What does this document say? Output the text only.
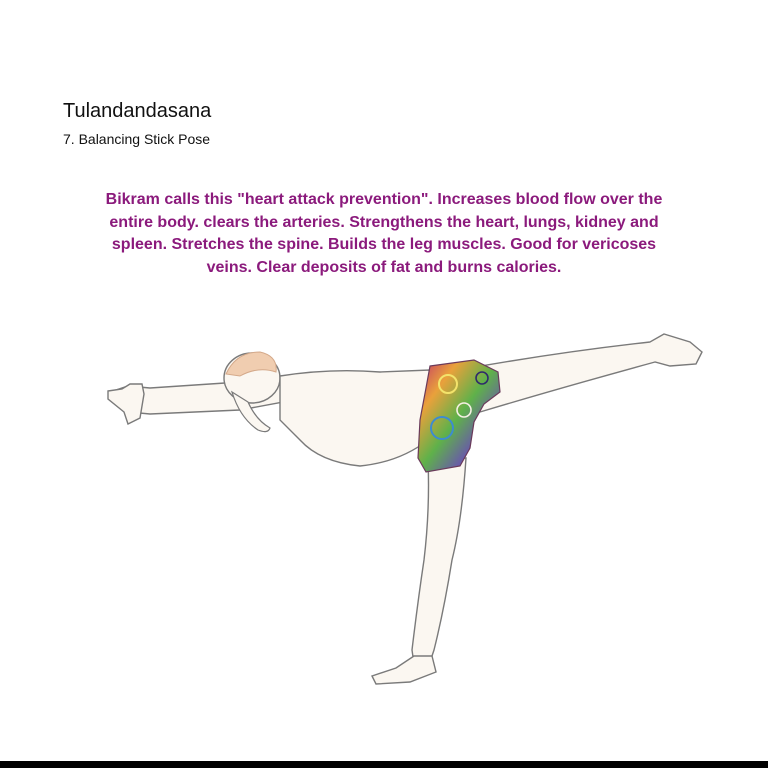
Tulandandasana
7. Balancing Stick Pose

Bikram calls this "heart attack prevention". Increases blood flow over the entire body. clears the arteries. Strengthens the heart, lungs, kidney and spleen. Stretches the spine. Builds the leg muscles. Good for vericoses veins. Clear deposits of fat and burns calories.
